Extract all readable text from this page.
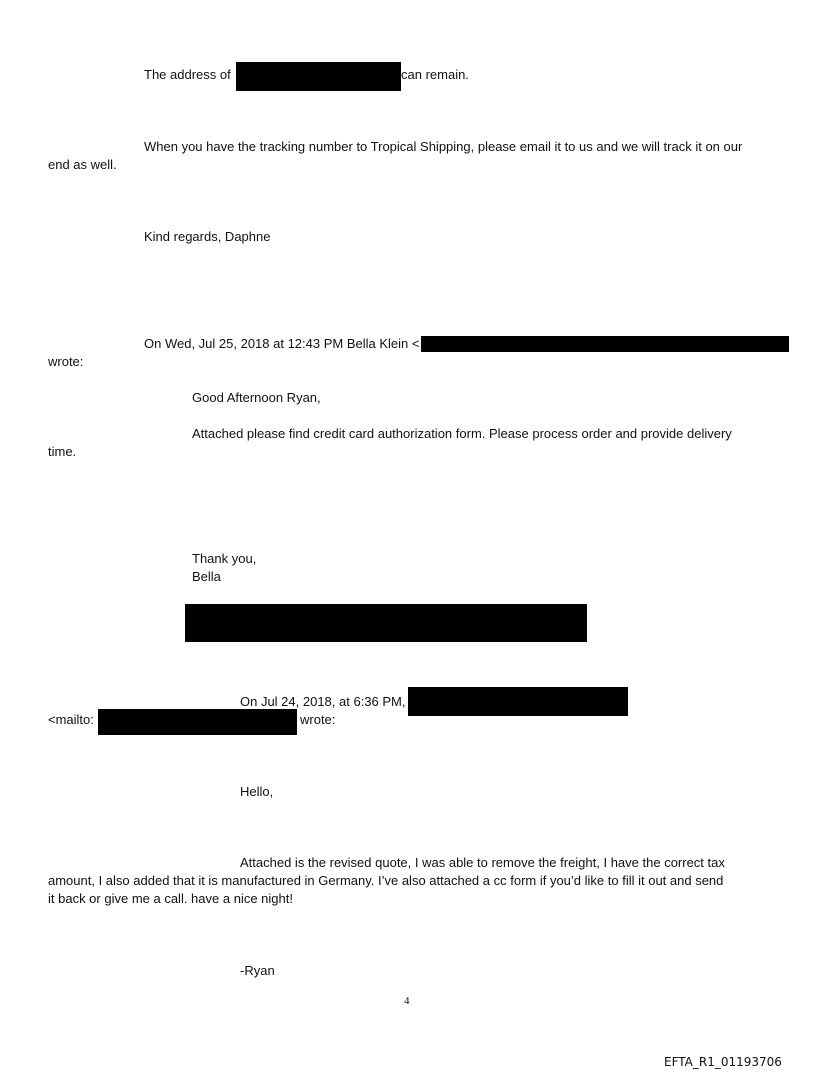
The address of	can remain.
When you have the tracking number to Tropical Shipping, please email it to us and we will track it on our
end as well.
Kind regards, Daphne
On Wed, Jul 25, 2018 at 12:43 PM Bella Klein <
wrote:
Good Afternoon Ryan,
Attached please find credit card authorization form. Please process order and provide delivery
time.
Thank you,
Bella
On Jul 24, 2018, at 6:36 PM,
<mailto:	wrote:
Hello,
Attached is the revised quote, I was able to remove the freight, I have the correct tax
amount, I also added that it is manufactured in Germany. I’ve also attached a cc form if you’d like to fill it out and send
it back or give me a call. have a nice night!
-Ryan
4
EFTA_R1_01193706
